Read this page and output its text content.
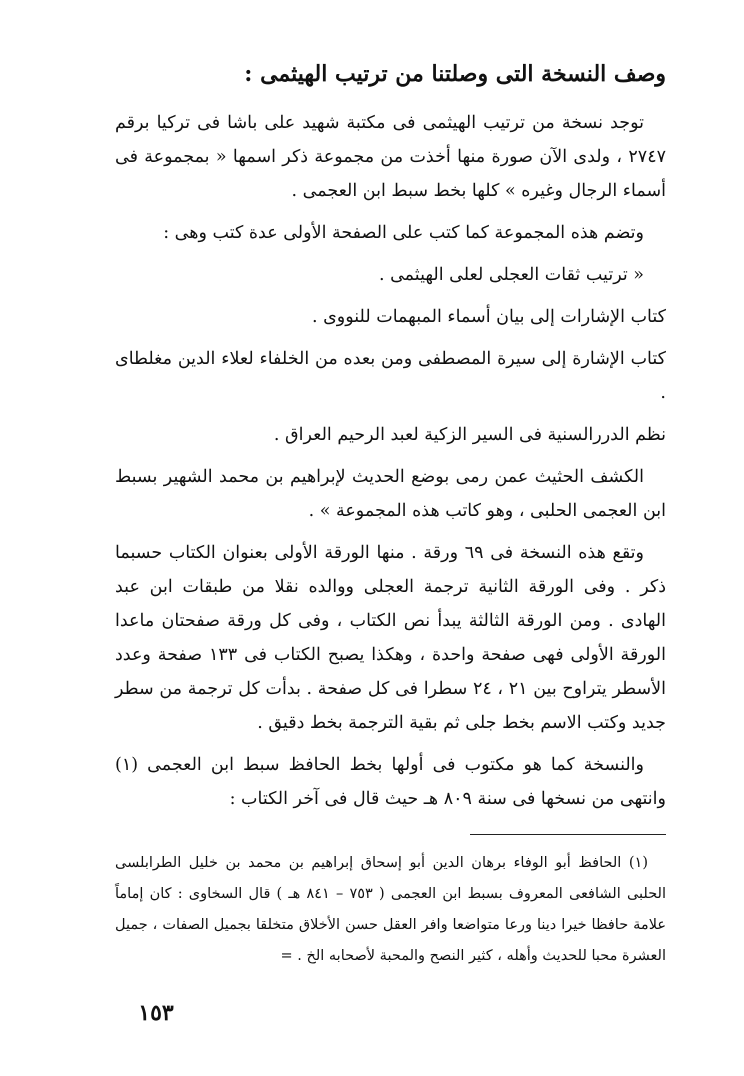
وصف النسخة التى وصلتنا من ترتيب الهيثمى :

توجد نسخة من ترتيب الهيثمى فى مكتبة شهيد على باشا فى تركيا برقم ٢٧٤٧ ، ولدى الآن صورة منها أخذت من مجموعة ذكر اسمها « بمجموعة فى أسماء الرجال وغيره » كلها بخط سبط ابن العجمى .

وتضم هذه المجموعة كما كتب على الصفحة الأولى عدة كتب وهى :

« ترتيب ثقات العجلى لعلى الهيثمى .

كتاب الإشارات إلى بيان أسماء المبهمات للنووى .

كتاب الإشارة إلى سيرة المصطفى ومن بعده من الخلفاء لعلاء الدين مغلطاى .

نظم الدررالسنية فى السير الزكية لعبد الرحيم العراق .

الكشف الحثيث عمن رمى بوضع الحديث لإبراهيم بن محمد الشهير بسبط ابن العجمى الحلبى ، وهو كاتب هذه المجموعة » .

وتقع هذه النسخة فى ٦٩ ورقة . منها الورقة الأولى بعنوان الكتاب حسبما ذكر . وفى الورقة الثانية ترجمة العجلى ووالده نقلا من طبقات ابن عبد الهادى . ومن الورقة الثالثة يبدأ نص الكتاب ، وفى كل ورقة صفحتان ماعدا الورقة الأولى فهى صفحة واحدة ، وهكذا يصبح الكتاب فى ١٣٣ صفحة وعدد الأسطر يتراوح بين ٢١ ، ٢٤ سطرا فى كل صفحة . بدأت كل ترجمة من سطر جديد وكتب الاسم بخط جلى ثم بقية الترجمة بخط دقيق .

والنسخة كما هو مكتوب فى أولها بخط الحافظ سبط ابن العجمى (١) وانتهى من نسخها فى سنة ٨٠٩ هـ حيث قال فى آخر الكتاب :

(١) الحافظ أبو الوفاء برهان الدين أبو إسحاق إبراهيم بن محمد بن خليل الطرابلسى الحلبى الشافعى المعروف بسبط ابن العجمى ( ٧٥٣ – ٨٤١ هـ ) قال السخاوى : كان إماماً علامة حافظا خيرا دينا ورعا متواضعا وافر العقل حسن الأخلاق متخلقا بجميل الصفات ، جميل العشرة محبا للحديث وأهله ، كثير النصح والمحبة لأصحابه الخ . =

١٥٣
